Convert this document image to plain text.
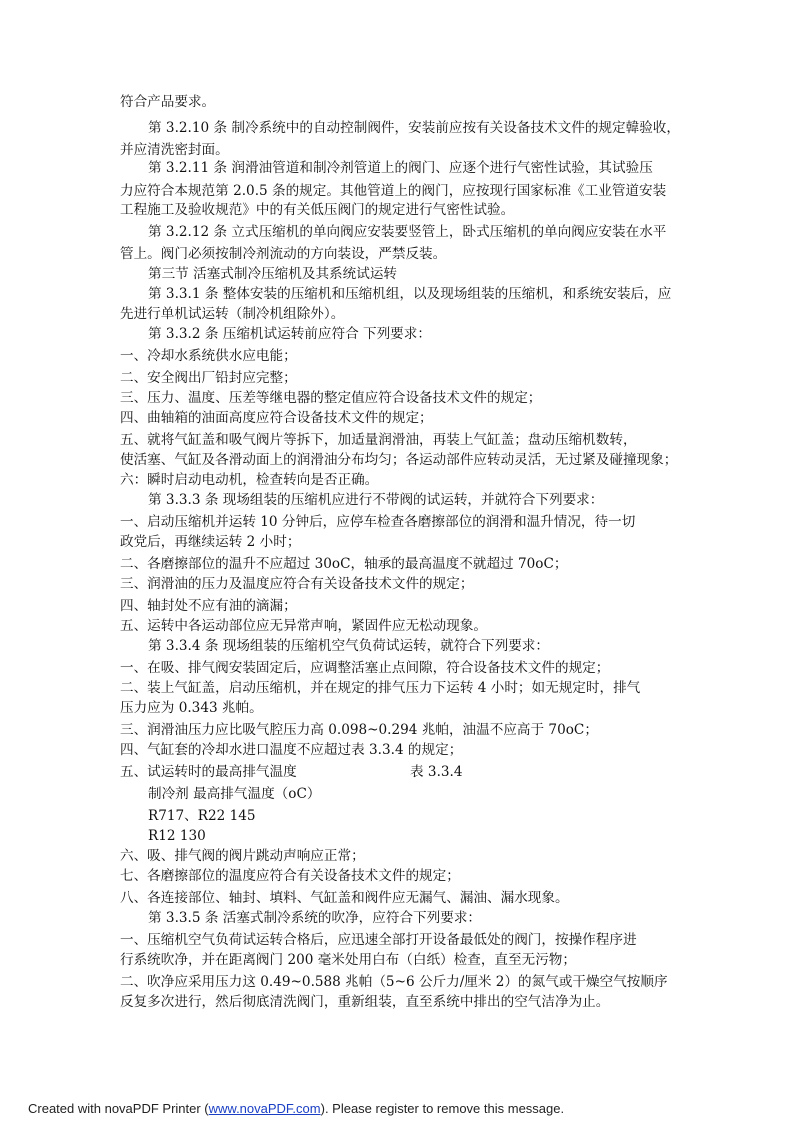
符合产品要求。
第 3.2.10 条 制冷系统中的自动控制阀件，安装前应按有关设备技术文件的规定韓验收，
并应清洗密封面。
第 3.2.11 条 润滑油管道和制冷剂管道上的阀门、应逐个进行气密性试验，其试验压
力应符合本规范第 2.0.5 条的规定。其他管道上的阀门，应按现行国家标准《工业管道安装
工程施工及验收规范》中的有关低压阀门的规定进行气密性试验。
第 3.2.12 条 立式压缩机的单向阀应安装要竖管上，卧式压缩机的单向阀应安装在水平
管上。阀门必须按制冷剂流动的方向装设，严禁反装。
第三节 活塞式制冷压缩机及其系统试运转
第 3.3.1 条 整体安装的压缩机和压缩机组，以及现场组装的压缩机，和系统安装后，应
先进行单机试运转（制冷机组除外）。
第 3.3.2 条 压缩机试运转前应符合 下列要求：
一、冷却水系统供水应电能；
二、安全阀出厂铅封应完整；
三、压力、温度、压差等继电器的整定值应符合设备技术文件的规定；
四、曲轴箱的油面高度应符合设备技术文件的规定；
五、就将气缸盖和吸气阀片等拆下，加适量润滑油，再装上气缸盖；盘动压缩机数转，
使活塞、气缸及各滑动面上的润滑油分布均匀；各运动部件应转动灵活，无过紧及碰撞现象；
六：瞬时启动电动机，检查转向是否正确。
第 3.3.3 条 现场组装的压缩机应进行不带阀的试运转，并就符合下列要求：
一、启动压缩机并运转 10 分钟后，应停车检查各磨擦部位的润滑和温升情况，待一切
政党后，再继续运转 2 小时；
二、各磨擦部位的温升不应超过 30oC，轴承的最高温度不就超过 70oC；
三、润滑油的压力及温度应符合有关设备技术文件的规定；
四、轴封处不应有油的滴漏；
五、运转中各运动部位应无异常声响，紧固件应无松动现象。
第 3.3.4 条 现场组装的压缩机空气负荷试运转，就符合下列要求：
一、在吸、排气阀安装固定后，应调整活塞止点间隙，符合设备技术文件的规定；
二、装上气缸盖，启动压缩机，并在规定的排气压力下运转 4 小时；如无规定时，排气
压力应为 0.343 兆帕。
三、润滑油压力应比吸气腔压力高 0.098~0.294 兆帕，油温不应高于 70oC；
四、气缸套的冷却水进口温度不应超过表 3.3.4 的规定；
五、试运转时的最高排气温度	表 3.3.4
制冷剂 最高排气温度（oC）
R717、R22 145
R12 130
六、吸、排气阀的阀片跳动声响应正常；
七、各磨擦部位的温度应符合有关设备技术文件的规定；
八、各连接部位、轴封、填料、气缸盖和阀件应无漏气、漏油、漏水现象。
第 3.3.5 条 活塞式制冷系统的吹净，应符合下列要求：
一、压缩机空气负荷试运转合格后，应迅速全部打开设备最低处的阀门，按操作程序进
行系统吹净，并在距离阀门 200 毫米处用白布（白纸）检查，直至无污物；
二、吹净应采用压力这 0.49~0.588 兆帕（5~6 公斤力/厘米 2）的氮气或干燥空气按顺序
反复多次进行，然后彻底清洗阀门，重新组装，直至系统中排出的空气洁净为止。
Created with novaPDF Printer (www.novaPDF.com). Please register to remove this message.
